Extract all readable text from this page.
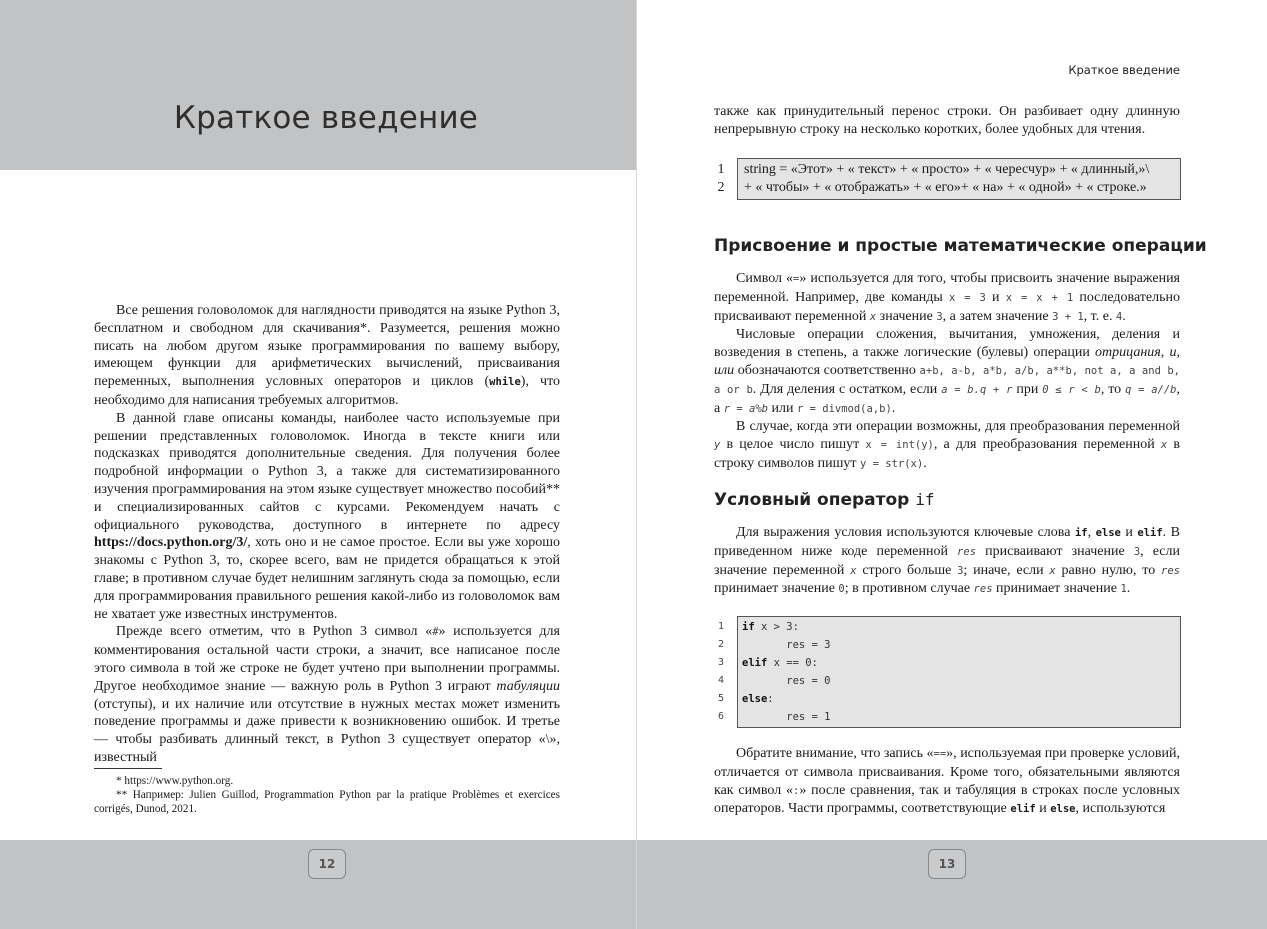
Краткое введение

Все решения головоломок для наглядности приводятся на языке Python 3, бесплатном и свободном для скачивания*. Разумеется, решения можно писать на любом другом языке программирования по вашему выбору, имеющем функции для арифметических вычислений, присваивания переменных, выполнения условных операторов и циклов (while), что необходимо для написания требуемых алгоритмов.

В данной главе описаны команды, наиболее часто используемые при решении представленных головоломок. Иногда в тексте книги или подсказках приводятся дополнительные сведения. Для получения более подробной информации о Python 3, а также для систематизированного изучения программирования на этом языке существует множество пособий** и специализированных сайтов с курсами. Рекомендуем начать с официального руководства, доступного в интернете по адресу https://docs.python.org/3/, хоть оно и не самое простое. Если вы уже хорошо знакомы с Python 3, то, скорее всего, вам не придется обращаться к этой главе; в противном случае будет нелишним заглянуть сюда за помощью, если для программирования правильного решения какой-либо из головоломок вам не хватает уже известных инструментов.

Прежде всего отметим, что в Python 3 символ «#» используется для комментирования остальной части строки, а значит, все написаное после этого символа в той же строке не будет учтено при выполнении программы. Другое необходимое знание — важную роль в Python 3 играют табуляции (отступы), и их наличие или отсутствие в нужных местах может изменить поведение программы и даже привести к возникновению ошибок. И третье — чтобы разбивать длинный текст, в Python 3 существует оператор «\», известный

* https://www.python.org.
** Например: Julien Guillod, Programmation Python par la pratique Problèmes et exercices corrigés, Dunod, 2021.
12
Краткое введение
также как принудительный перенос строки. Он разбивает одну длинную непрерывную строку на несколько коротких, более удобных для чтения.
1
2
string = «Этот» + « текст» + « просто» + « чересчур» + « длинный,»\
+ « чтобы» + « отображать» + « его»+ « на» + « одной» + « строке.»
Присвоение и простые математические операции

Символ «=» используется для того, чтобы присвоить значение выражения переменной. Например, две команды x = 3 и x = x + 1 последовательно присваивают переменной x значение 3, а затем значение 3 + 1, т. е. 4.

Числовые операции сложения, вычитания, умножения, деления и возведения в степень, а также логические (булевы) операции отрицания, и, или обозначаются соответственно a+b, a-b, a*b, a/b, a**b, not a, a and b, a or b. Для деления с остатком, если a = b.q + r при 0 ≤ r < b, то q = a//b, а r = a%b или r = divmod(a,b).

В случае, когда эти операции возможны, для преобразования переменной y в целое число пишут x = int(y), а для преобразования переменной x в строку символов пишут y = str(x).

Условный оператор if

Для выражения условия используются ключевые слова if, else и elif. В приведенном ниже коде переменной res присваивают значение 3, если значение переменной x строго больше 3; иначе, если x равно нулю, то res принимает значение 0; в противном случае res принимает значение 1.

1
2
3
4
5
6
if x > 3:
res = 3
elif x == 0:
res = 0
else:
res = 1

Обратите внимание, что запись «==», используемая при проверке условий, отличается от символа присваивания. Кроме того, обязательными являются как символ «:» после сравнения, так и табуляция в строках после условных операторов. Части программы, соответствующие elif и else, используются

13
